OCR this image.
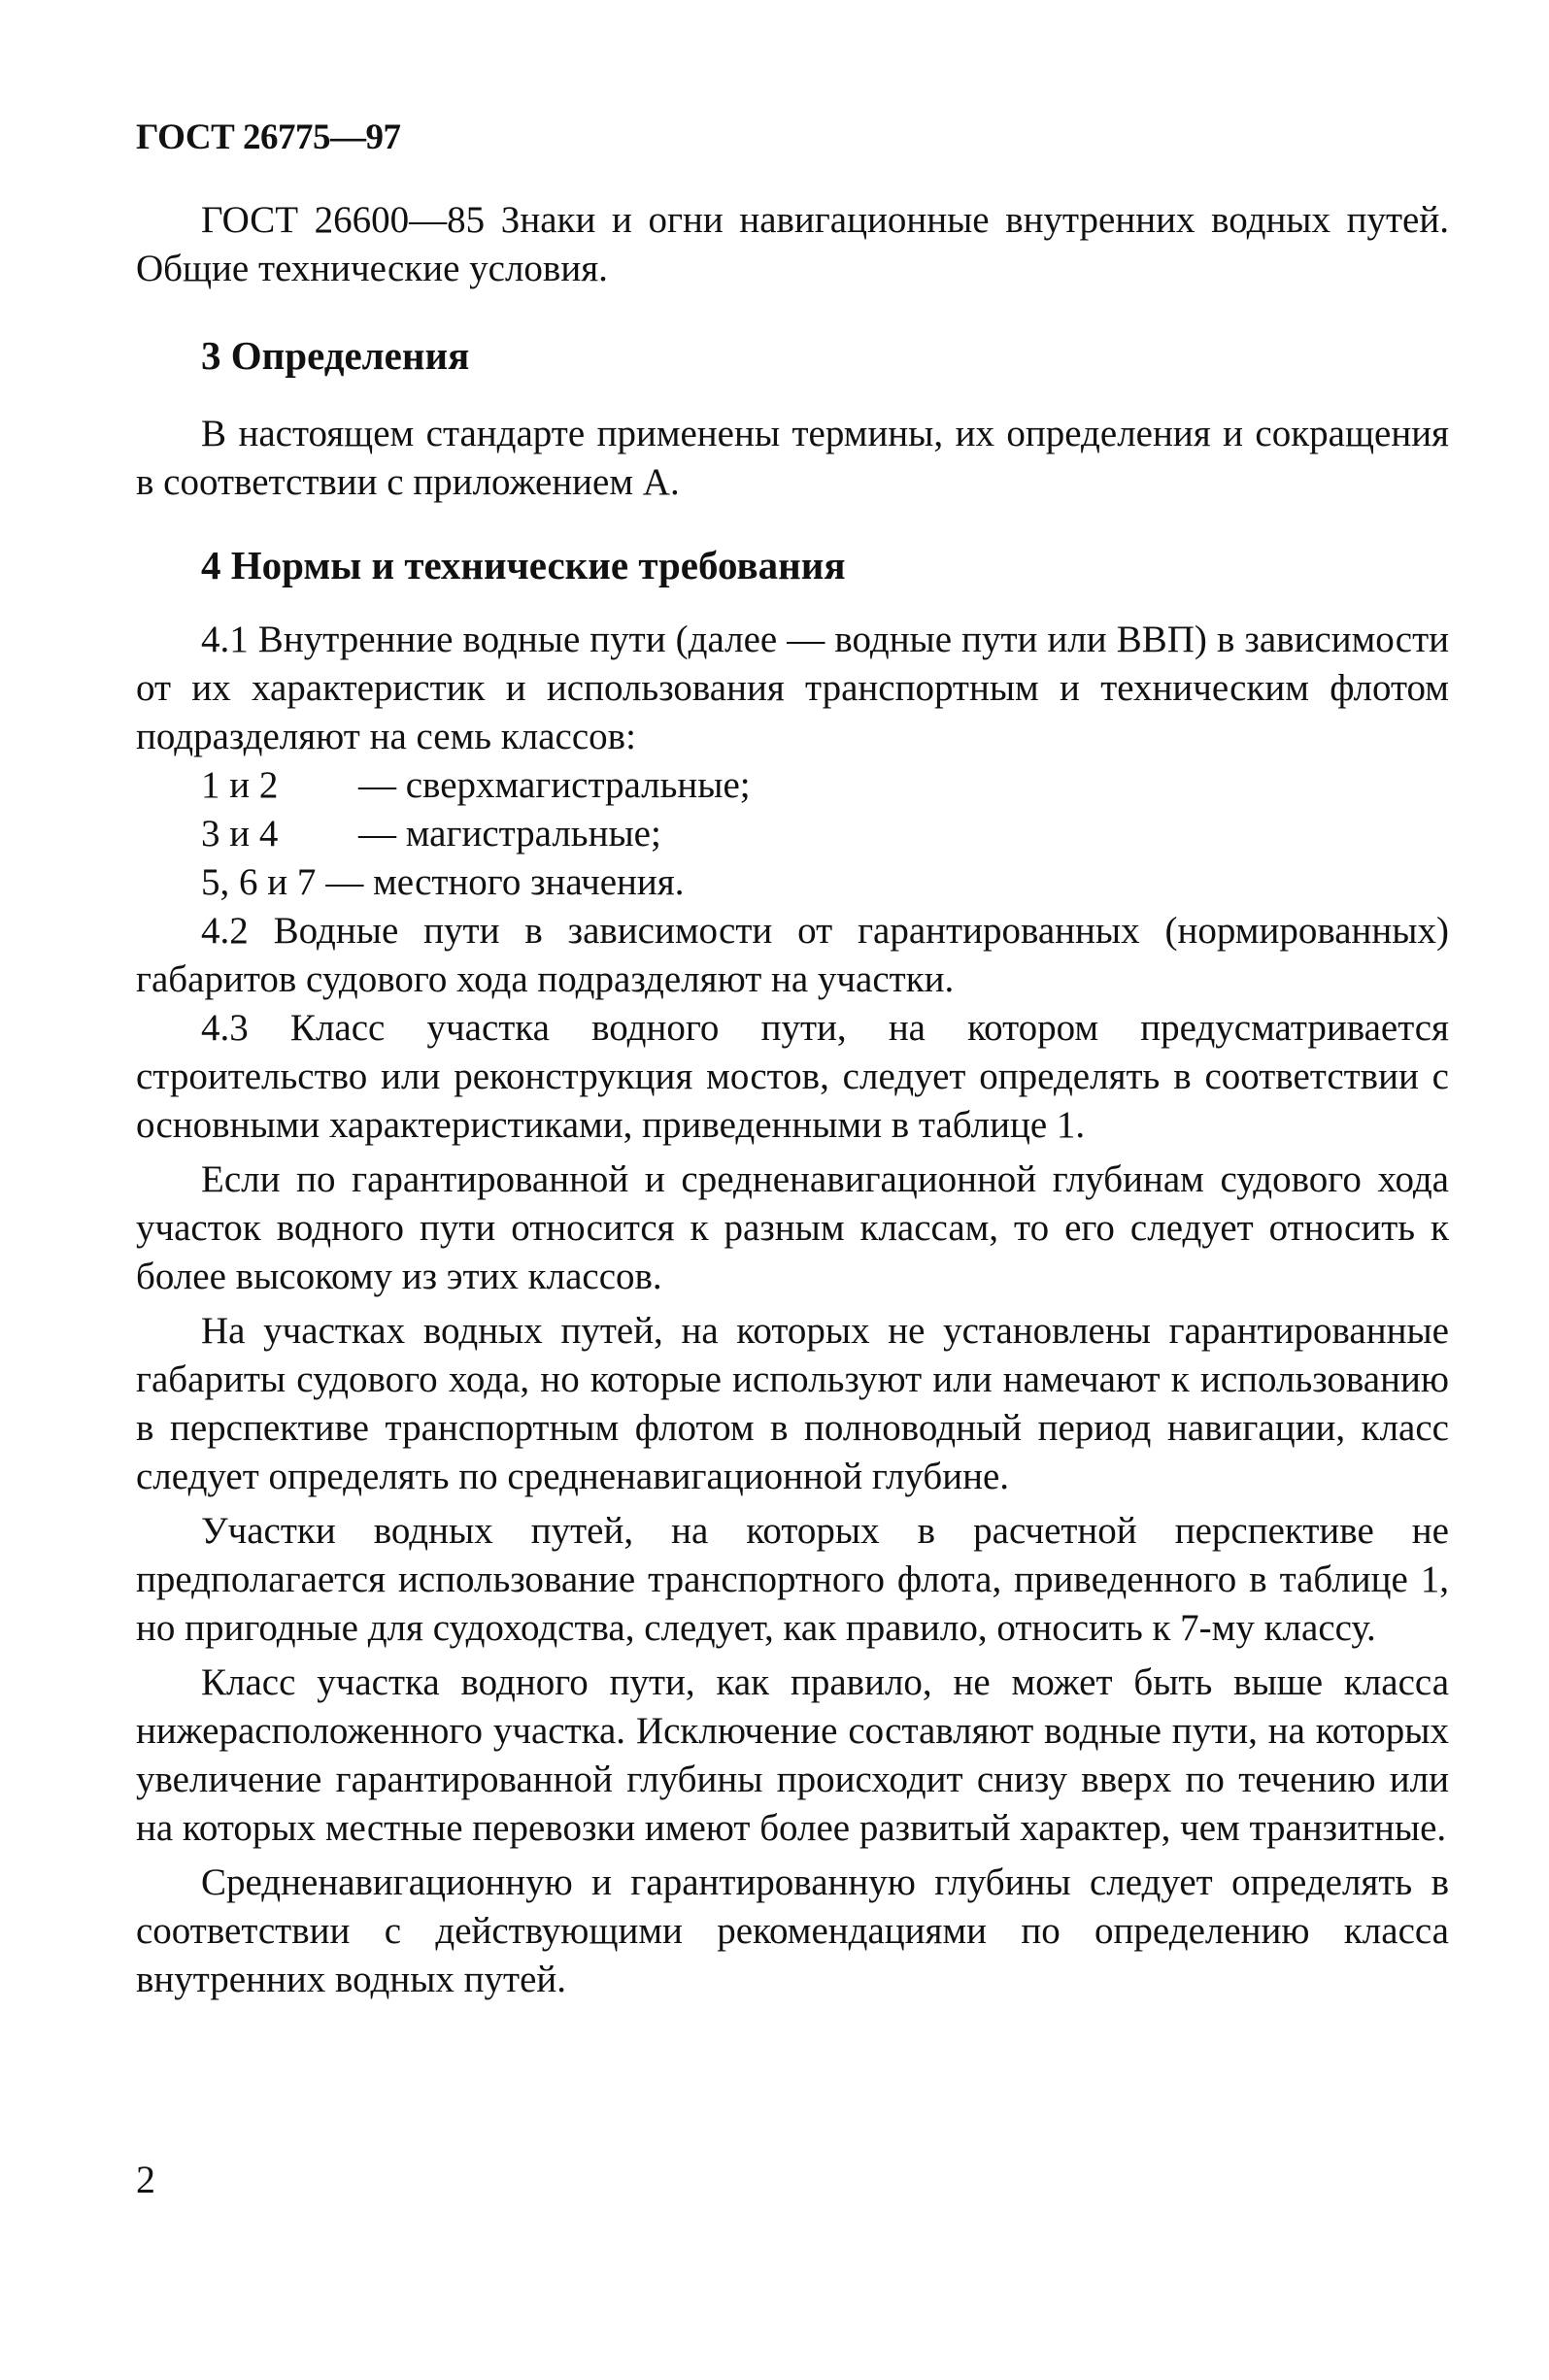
ГОСТ 26775—97

ГОСТ 26600—85 Знаки и огни навигационные внутренних водных путей. Общие технические условия.

3 Определения

В настоящем стандарте применены термины, их определения и сокращения в соответствии с приложением А.

4 Нормы и технические требования

4.1 Внутренние водные пути (далее — водные пути или ВВП) в зависимости от их характеристик и использования транспортным и техническим флотом подразделяют на семь классов:

1 и 2	— сверхмагистральные;
3 и 4	— магистральные;
5, 6 и 7 — местного значения.

4.2 Водные пути в зависимости от гарантированных (нормированных) габаритов судового хода подразделяют на участки.

4.3 Класс участка водного пути, на котором предусматривается строительство или реконструкция мостов, следует определять в соответствии с основными характеристиками, приведенными в таблице 1.

Если по гарантированной и средненавигационной глубинам судового хода участок водного пути относится к разным классам, то его следует относить к более высокому из этих классов.

На участках водных путей, на которых не установлены гарантированные габариты судового хода, но которые используют или намечают к использованию в перспективе транспортным флотом в полноводный период навигации, класс следует определять по средненавигационной глубине.

Участки водных путей, на которых в расчетной перспективе не предполагается использование транспортного флота, приведенного в таблице 1, но пригодные для судоходства, следует, как правило, относить к 7-му классу.

Класс участка водного пути, как правило, не может быть выше класса нижерасположенного участка. Исключение составляют водные пути, на которых увеличение гарантированной глубины происходит снизу вверх по течению или на которых местные перевозки имеют более развитый характер, чем транзитные.

Средненавигационную и гарантированную глубины следует определять в соответствии с действующими рекомендациями по определению класса внутренних водных путей.

2
